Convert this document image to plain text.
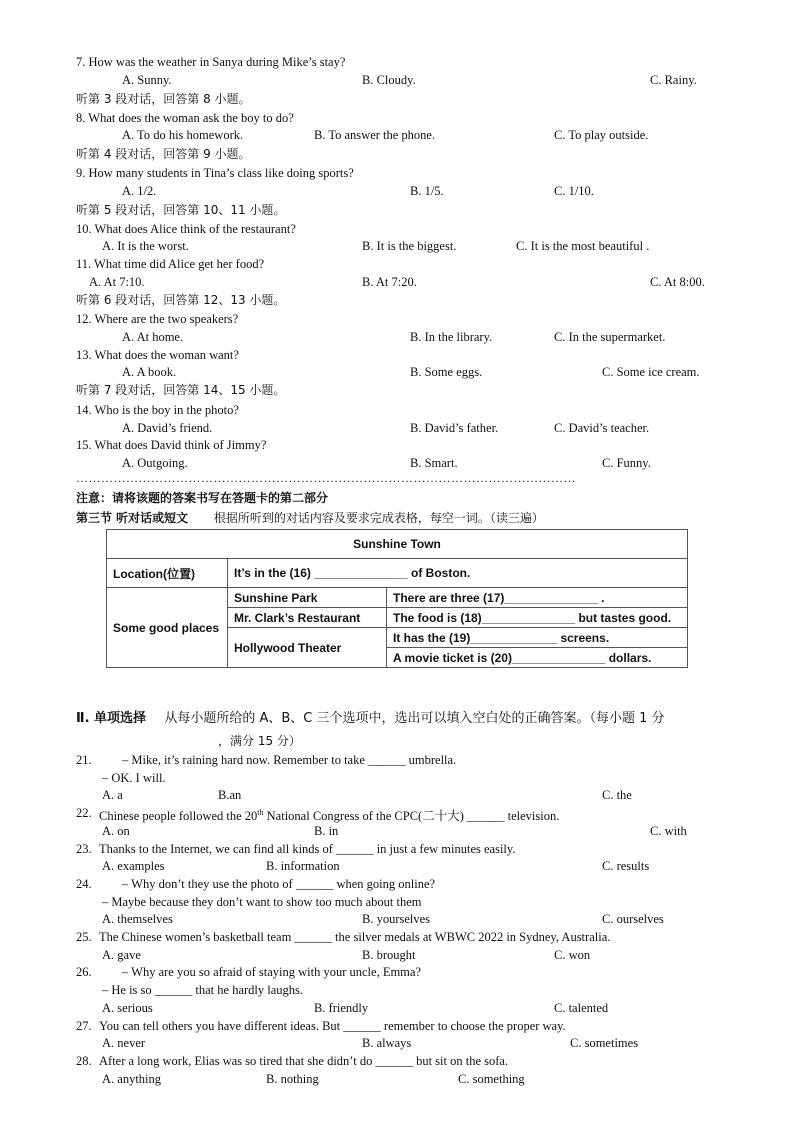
7. How was the weather in Sanya during Mike’s stay?
A. Sunny.	B. Cloudy.	C. Rainy.
听第 3 段对话，回答第 8 小题。
8. What does the woman ask the boy to do?
A. To do his homework.	B. To answer the phone.	C. To play outside.
听第 4 段对话，回答第 9 小题。
9. How many students in Tina’s class like doing sports?
A. 1/2.	B. 1/5.	C. 1/10.
听第 5 段对话，回答第 10、11 小题。
10. What does Alice think of the restaurant?
A. It is the worst.	B. It is the biggest.	C. It is the most beautiful .
11. What time did Alice get her food?
A. At 7:10.	B. At 7:20.	C. At 8:00.
听第 6 段对话，回答第 12、13 小题。
12. Where are the two speakers?
A. At home.	B. In the library.	C. In the supermarket.
13. What does the woman want?
A. A book.	B. Some eggs.	C. Some ice cream.
听第 7 段对话，回答第 14、15 小题。
14. Who is the boy in the photo?
A. David’s friend.	B. David’s father.	C. David’s teacher.
15. What does David think of Jimmy?
A. Outgoing.	B. Smart.	C. Funny.
…………………………………………………………………………………………………………
注意：请将该题的答案书写在答题卡的第二部分
第三节 听对话或短文 根据所听到的对话内容及要求完成表格，每空一词。（读三遍）
Sunshine Town		
Location(位置)	It’s in the (16) ______________ of Boston.	
Some good places	Sunshine Park	There are three (17)______________ .
	Mr. Clark’s Restaurant	The food is (18)______________ but tastes good.
	Hollywood Theater	It has the (19)_____________ screens.
		A movie ticket is (20)______________ dollars.
Ⅱ. 单项选择 从每小题所给的 A、B、C 三个选项中，选出可以填入空白处的正确答案。（每小题 1 分
，满分 15 分）
21. – Mike, it’s raining hard now. Remember to take ______ umbrella.
– OK. I will.
A. a	B.an	C. the
22. Chinese people followed the 20th National Congress of the CPC(二十大) ______ television.
A. on	B. in	C. with
23. Thanks to the Internet, we can find all kinds of ______ in just a few minutes easily.
A. examples	B. information	C. results
24. – Why don’t they use the photo of ______ when going online?
– Maybe because they don’t want to show too much about them
A. themselves	B. yourselves	C. ourselves
25. The Chinese women’s basketball team ______ the silver medals at WBWC 2022 in Sydney, Australia.
A. gave	B. brought	C. won
26. – Why are you so afraid of staying with your uncle, Emma?
– He is so ______ that he hardly laughs.
A. serious	B. friendly	C. talented
27. You can tell others you have different ideas. But ______ remember to choose the proper way.
A. never	B. always	C. sometimes
28. After a long work, Elias was so tired that she didn’t do ______ but sit on the sofa.
A. anything	B. nothing	C. something
